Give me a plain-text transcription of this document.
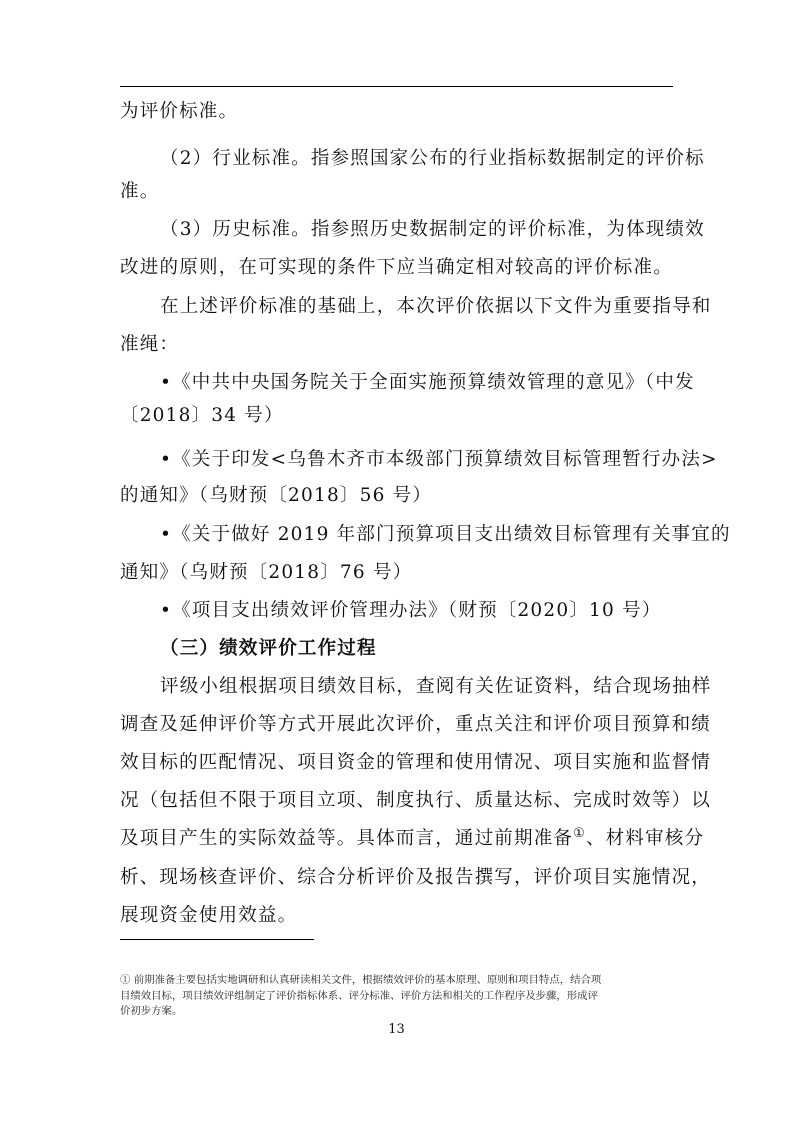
为评价标准。
（2）行业标准。指参照国家公布的行业指标数据制定的评价标
准。
（3）历史标准。指参照历史数据制定的评价标准，为体现绩效
改进的原则，在可实现的条件下应当确定相对较高的评价标准。
在上述评价标准的基础上，本次评价依据以下文件为重要指导和
准绳：
•《中共中央国务院关于全面实施预算绩效管理的意见》（中发
〔2018〕34 号）
•《关于印发<乌鲁木齐市本级部门预算绩效目标管理暂行办法>
的通知》（乌财预〔2018〕56 号）
•《关于做好 2019 年部门预算项目支出绩效目标管理有关事宜的
通知》（乌财预〔2018〕76 号）
•《项目支出绩效评价管理办法》（财预〔2020〕10 号）
（三）绩效评价工作过程
评级小组根据项目绩效目标，查阅有关佐证资料，结合现场抽样
调查及延伸评价等方式开展此次评价，重点关注和评价项目预算和绩
效目标的匹配情况、项目资金的管理和使用情况、项目实施和监督情
况（包括但不限于项目立项、制度执行、质量达标、完成时效等）以
及项目产生的实际效益等。具体而言，通过前期准备①、材料审核分
析、现场核查评价、综合分析评价及报告撰写，评价项目实施情况，
展现资金使用效益。
① 前期准备主要包括实地调研和认真研读相关文件，根据绩效评价的基本原理、原则和项目特点，结合项
目绩效目标，项目绩效评组制定了评价指标体系、评分标准、评价方法和相关的工作程序及步骤，形成评
价初步方案。
13
